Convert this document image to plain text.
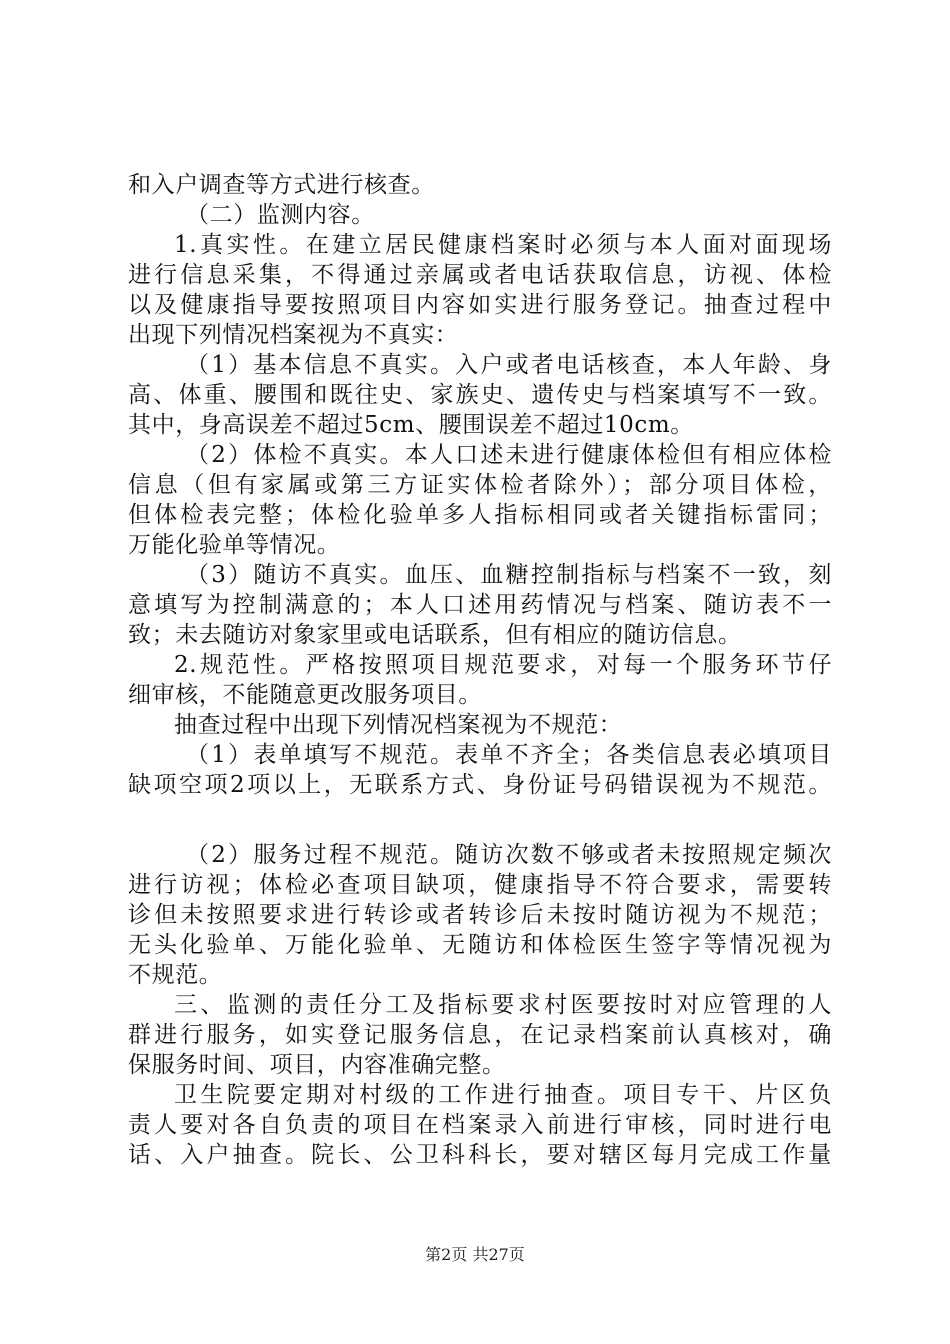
和入户调查等方式进行核查。
（二）监测内容。
1.真实性。在建立居民健康档案时必须与本人面对面现场
进行信息采集，不得通过亲属或者电话获取信息，访视、体检
以及健康指导要按照项目内容如实进行服务登记。抽查过程中
出现下列情况档案视为不真实：
（1）基本信息不真实。入户或者电话核查，本人年龄、身
高、体重、腰围和既往史、家族史、遗传史与档案填写不一致。
其中，身高误差不超过5cm、腰围误差不超过10cm。
（2）体检不真实。本人口述未进行健康体检但有相应体检
信息（但有家属或第三方证实体检者除外）；部分项目体检，
但体检表完整；体检化验单多人指标相同或者关键指标雷同；
万能化验单等情况。
（3）随访不真实。血压、血糖控制指标与档案不一致，刻
意填写为控制满意的；本人口述用药情况与档案、随访表不一
致；未去随访对象家里或电话联系，但有相应的随访信息。
2.规范性。严格按照项目规范要求，对每一个服务环节仔
细审核，不能随意更改服务项目。
抽查过程中出现下列情况档案视为不规范：
（1）表单填写不规范。表单不齐全；各类信息表必填项目
缺项空项2项以上，无联系方式、身份证号码错误视为不规范。
（2）服务过程不规范。随访次数不够或者未按照规定频次
进行访视；体检必查项目缺项，健康指导不符合要求，需要转
诊但未按照要求进行转诊或者转诊后未按时随访视为不规范；
无头化验单、万能化验单、无随访和体检医生签字等情况视为
不规范。
三、监测的责任分工及指标要求村医要按时对应管理的人
群进行服务，如实登记服务信息，在记录档案前认真核对，确
保服务时间、项目，内容准确完整。
卫生院要定期对村级的工作进行抽查。项目专干、片区负
责人要对各自负责的项目在档案录入前进行审核，同时进行电
话、入户抽查。院长、公卫科科长，要对辖区每月完成工作量
第2页 共27页
